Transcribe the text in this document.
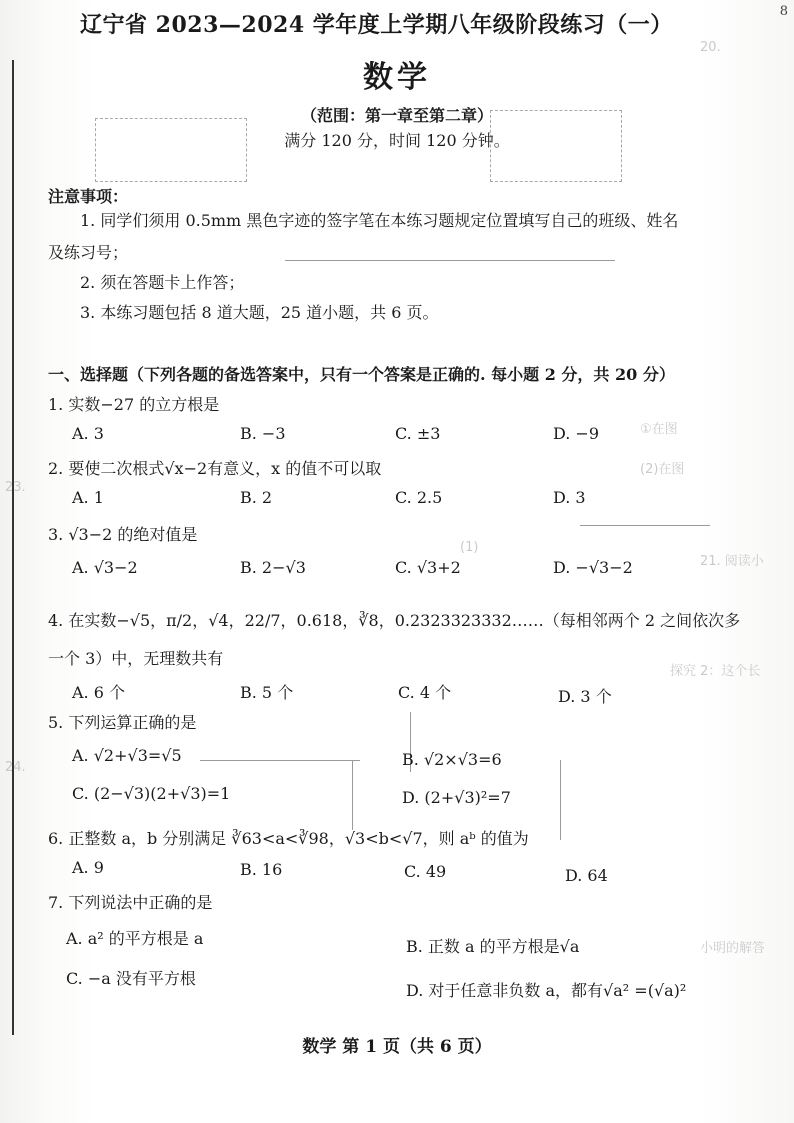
8
(1)
探究 2：这个长
21. 阅读小
小明的解答
(2)在图
①在图
23.
24.
20.
辽宁省 2023—2024 学年度上学期八年级阶段练习（一）
数学
（范围：第一章至第二章）
满分 120 分，时间 120 分钟。
注意事项：
1. 同学们须用 0.5mm 黑色字迹的签字笔在本练习题规定位置填写自己的班级、姓名
及练习号；
2. 须在答题卡上作答；
3. 本练习题包括 8 道大题，25 道小题，共 6 页。
一、选择题（下列各题的备选答案中，只有一个答案是正确的. 每小题 2 分，共 20 分）
1. 实数−27 的立方根是
A. 3	B. −3	C. ±3	D. −9
2. 要使二次根式√x−2有意义，x 的值不可以取
A. 1	B. 2	C. 2.5	D. 3
3. √3−2 的绝对值是
A. √3−2	B. 2−√3	C. √3+2	D. −√3−2
4. 在实数−√5，π/2，√4，22/7，0.618，∛8，0.2323323332……（每相邻两个 2 之间依次多
一个 3）中，无理数共有
A. 6 个	B. 5 个	C. 4 个	D. 3 个
5. 下列运算正确的是
A. √2+√3=√5	B. √2×√3=6
C. (2−√3)(2+√3)=1	D. (2+√3)²=7
6. 正整数 a，b 分别满足 ∛63<a<∛98，√3<b<√7，则 aᵇ 的值为
A. 9	B. 16	C. 49	D. 64
7. 下列说法中正确的是
A. a² 的平方根是 a	B. 正数 a 的平方根是√a
C. −a 没有平方根
D. 对于任意非负数 a，都有√a² =(√a)²
数学 第 1 页（共 6 页）
